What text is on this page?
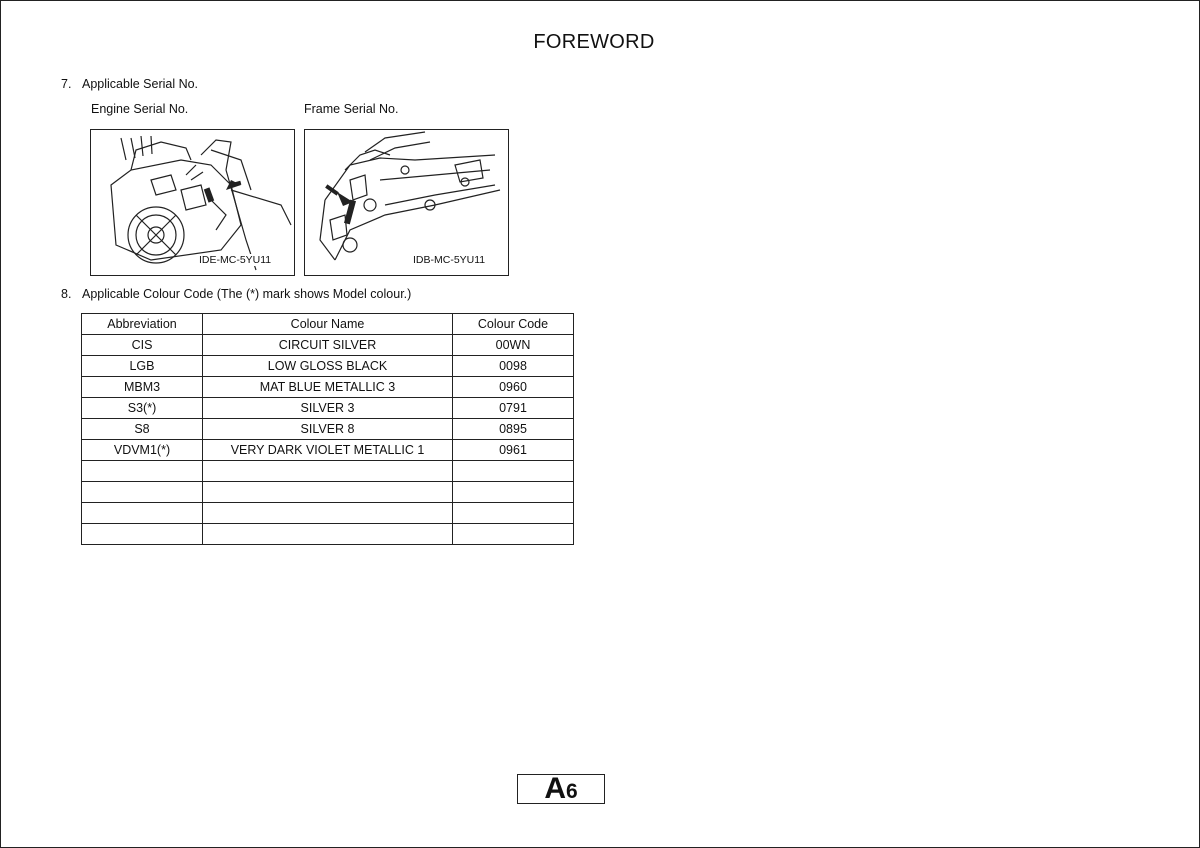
FOREWORD
7. Applicable Serial No.
Engine Serial No.	Frame Serial No.
IDE-MC-5YU11	IDB-MC-5YU11
8. Applicable Colour Code (The (*) mark shows Model colour.)
Abbreviation	Colour Name	Colour Code
CIS	CIRCUIT SILVER	00WN
LGB	LOW GLOSS BLACK	0098
MBM3	MAT BLUE METALLIC 3	0960
S3(*)	SILVER 3	0791
S8	SILVER 8	0895
VDVM1(*)	VERY DARK VIOLET METALLIC 1	0961

A6
